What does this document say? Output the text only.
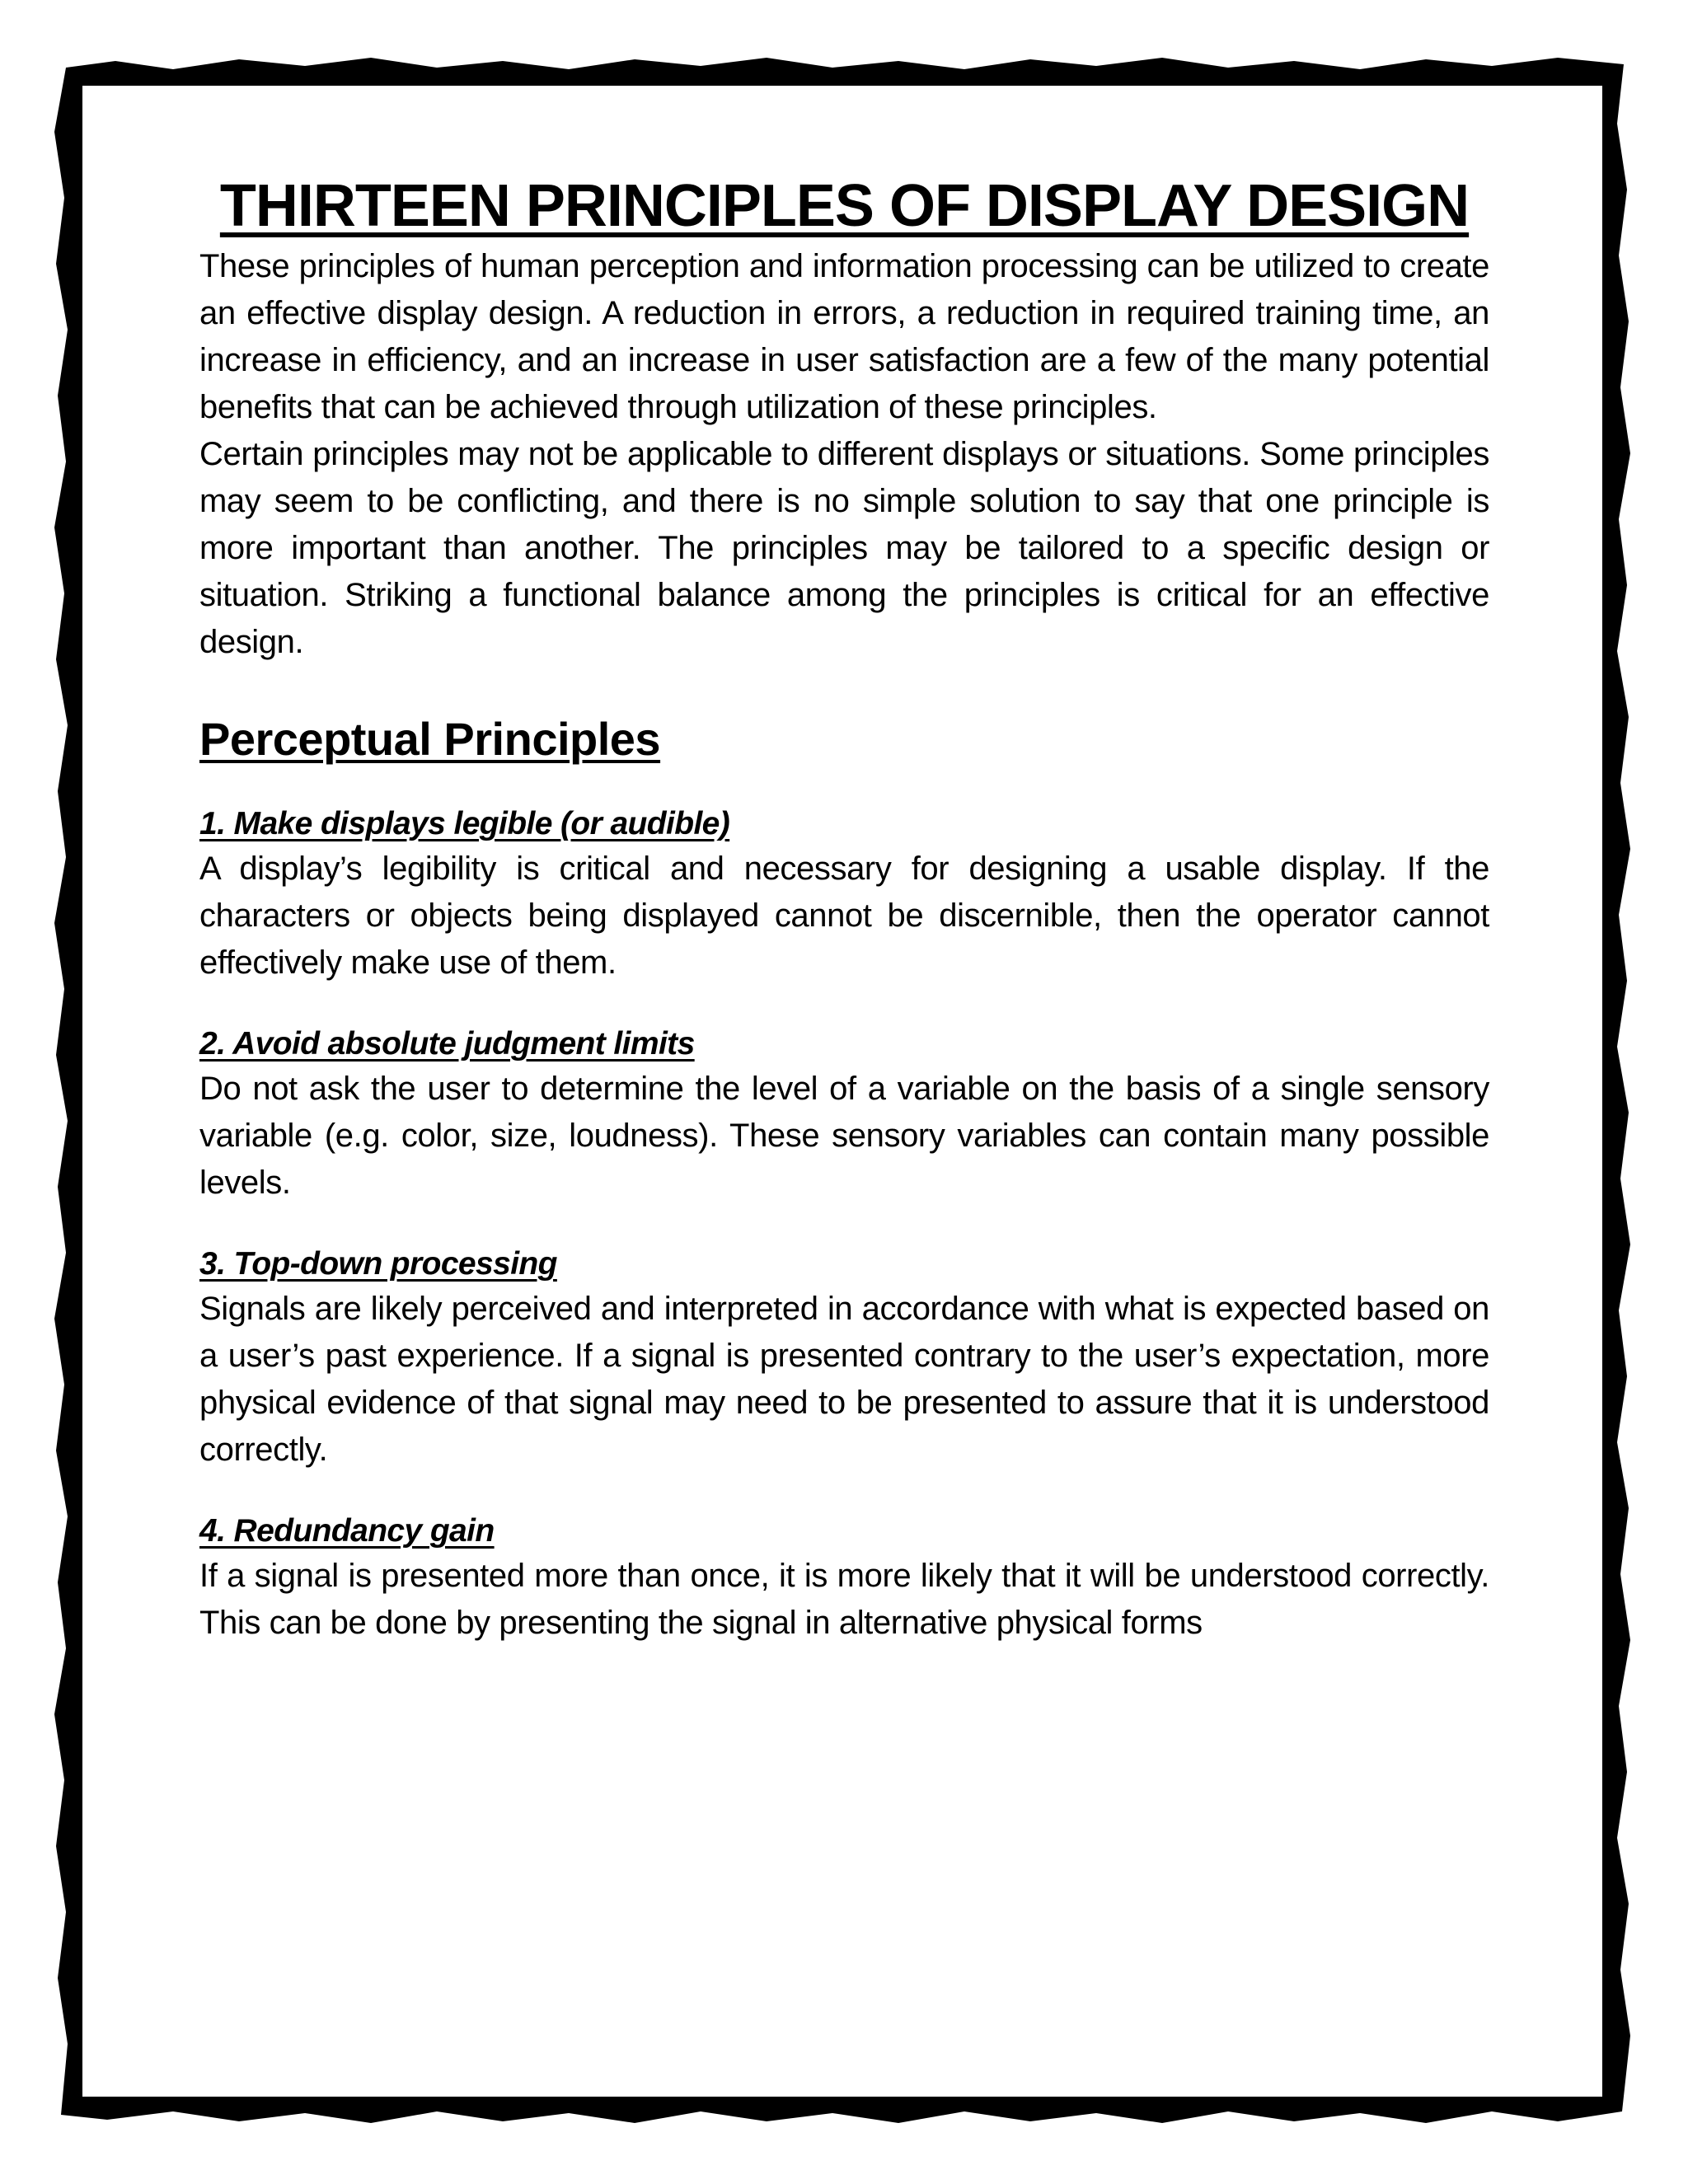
THIRTEEN PRINCIPLES OF DISPLAY DESIGN

These principles of human perception and information processing can be utilized to create an effective display design. A reduction in errors, a reduction in required training time, an increase in efficiency, and an increase in user satisfaction are a few of the many potential benefits that can be achieved through utilization of these principles.

Certain principles may not be applicable to different displays or situations. Some principles may seem to be conflicting, and there is no simple solution to say that one principle is more important than another. The principles may be tailored to a specific design or situation. Striking a functional balance among the principles is critical for an effective design.

Perceptual Principles
1. Make displays legible (or audible)

A display’s legibility is critical and necessary for designing a usable display. If the characters or objects being displayed cannot be discernible, then the operator cannot effectively make use of them.

2. Avoid absolute judgment limits

Do not ask the user to determine the level of a variable on the basis of a single sensory variable (e.g. color, size, loudness). These sensory variables can contain many possible levels.

3. Top-down processing

Signals are likely perceived and interpreted in accordance with what is expected based on a user’s past experience. If a signal is presented contrary to the user’s expectation, more physical evidence of that signal may need to be presented to assure that it is understood correctly.

4. Redundancy gain

If a signal is presented more than once, it is more likely that it will be understood correctly. This can be done by presenting the signal in alternative physical forms
